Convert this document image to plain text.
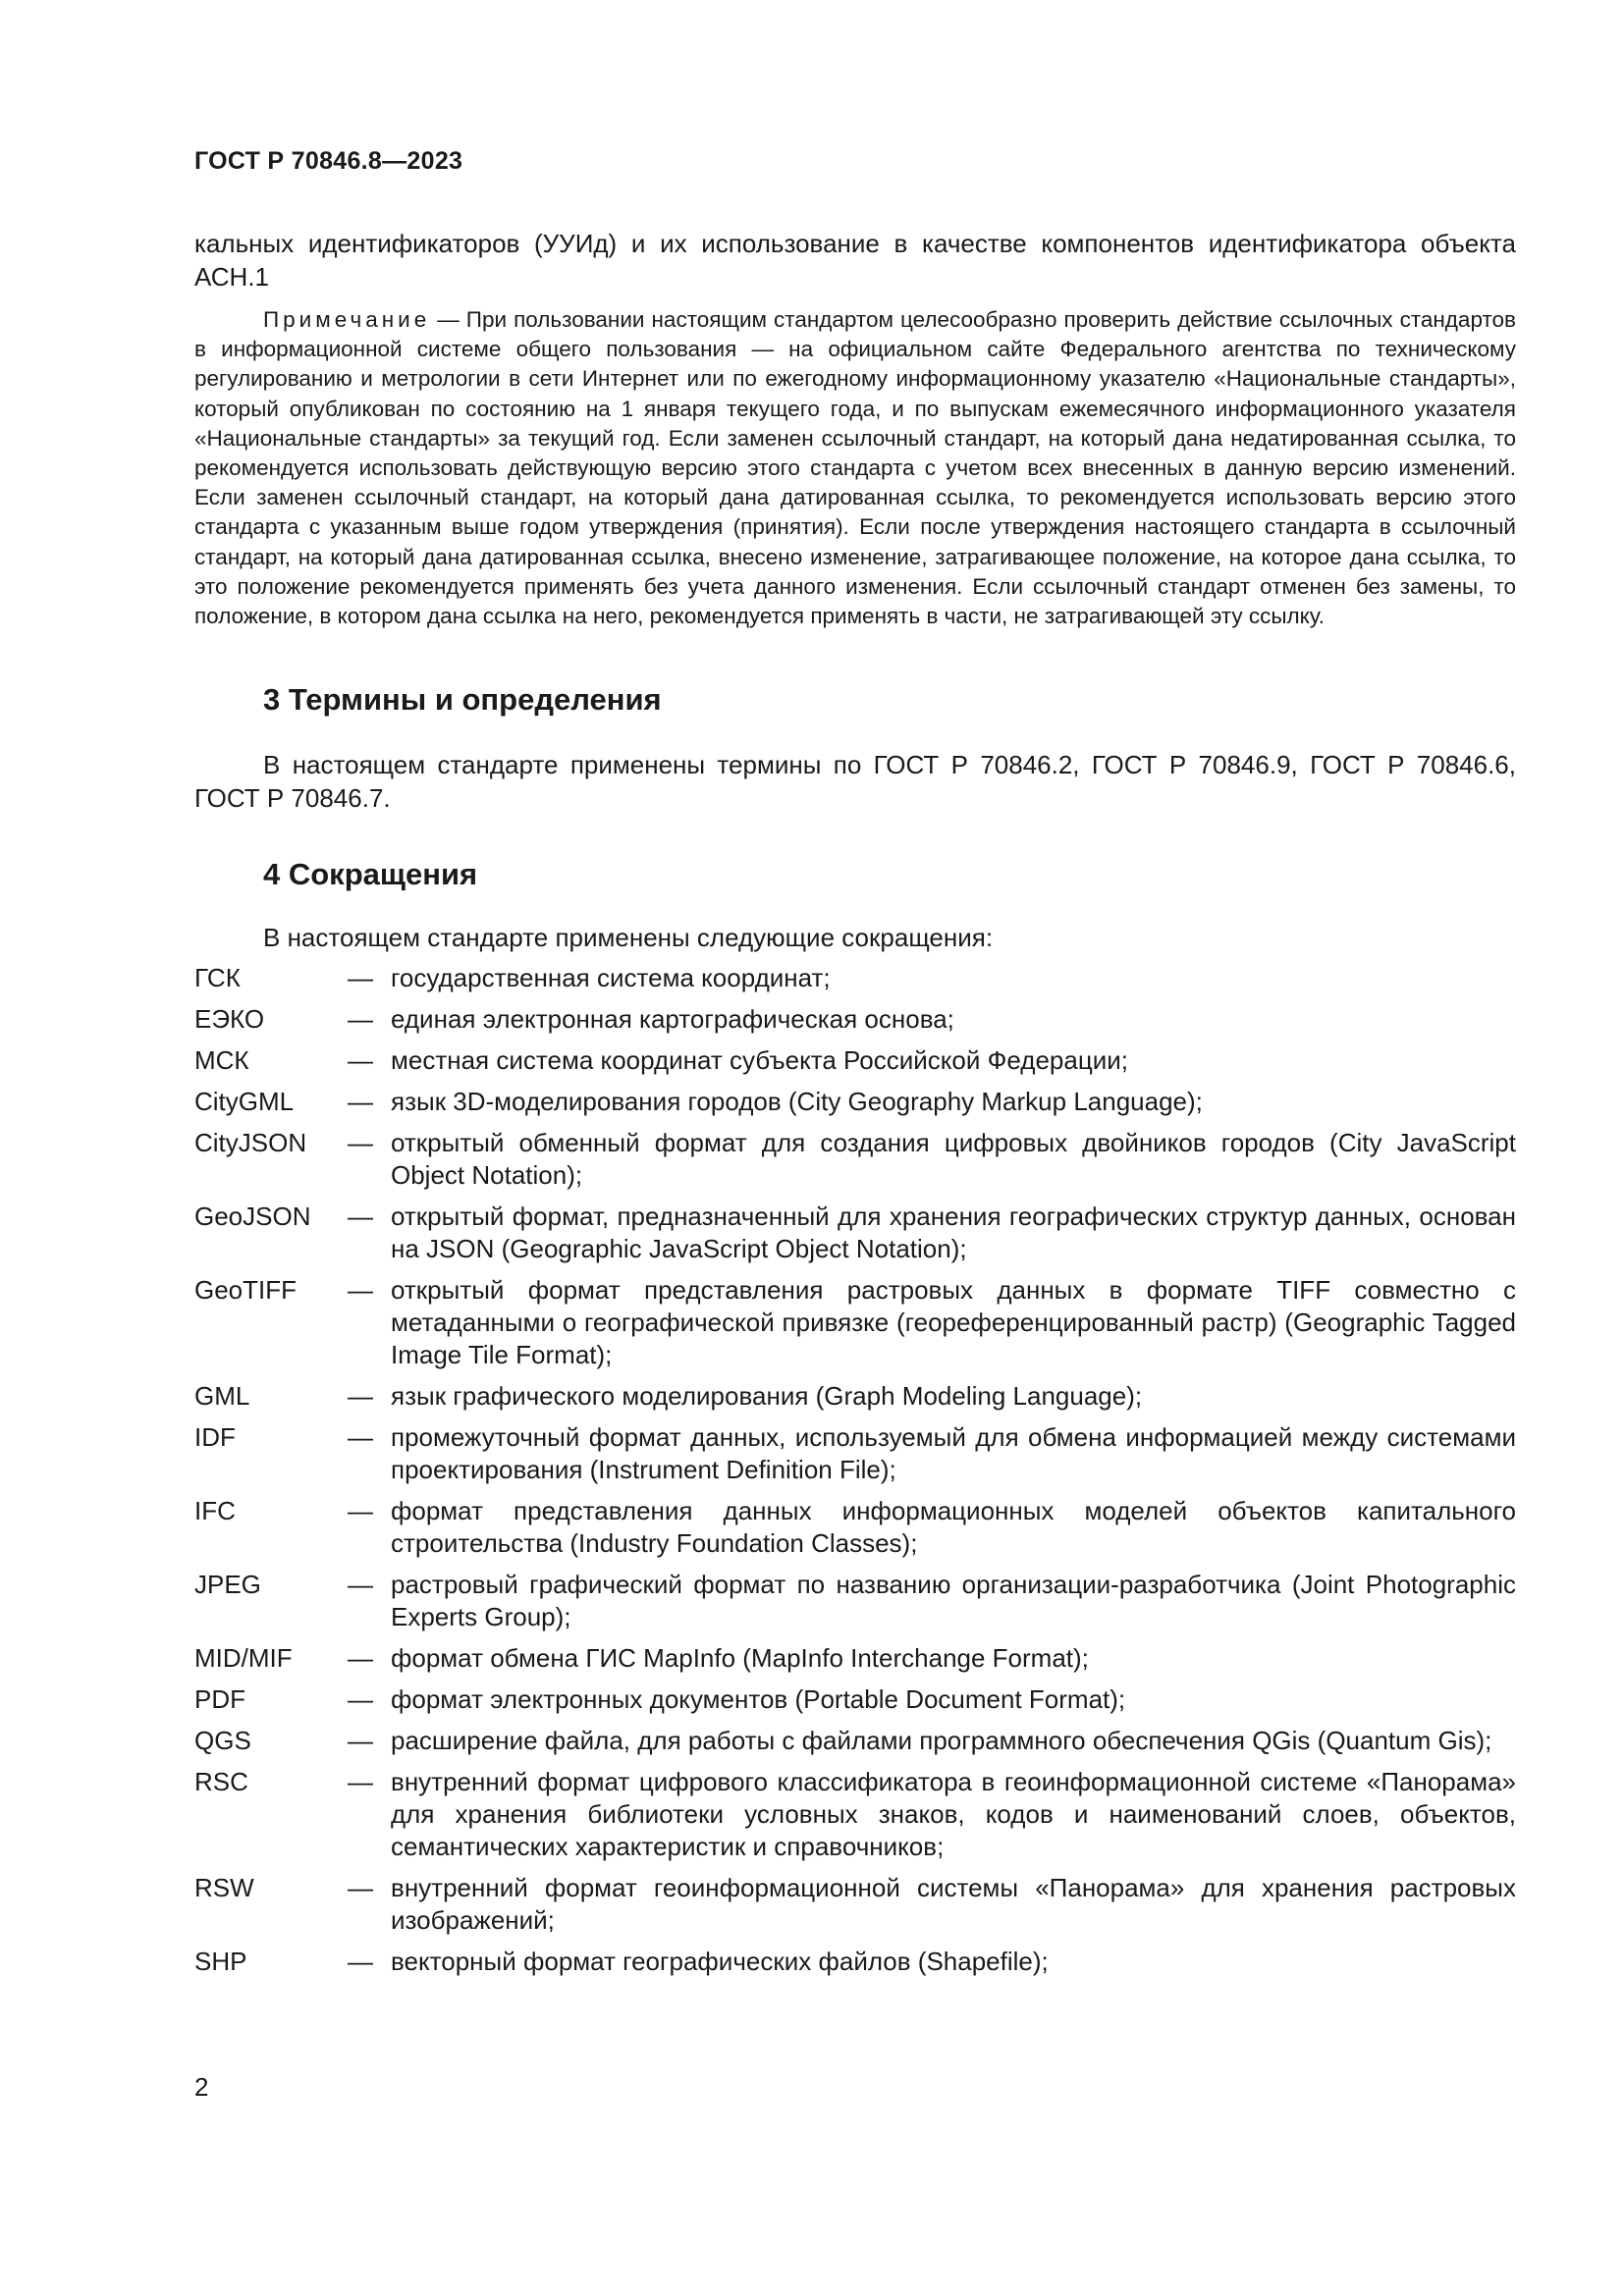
ГОСТ Р 70846.8—2023

кальных идентификаторов (УУИд) и их использование в качестве компонентов идентификатора объекта АСН.1

Примечание — При пользовании настоящим стандартом целесообразно проверить действие ссылочных стандартов в информационной системе общего пользования — на официальном сайте Федерального агентства по техническому регулированию и метрологии в сети Интернет или по ежегодному информационному указателю «Национальные стандарты», который опубликован по состоянию на 1 января текущего года, и по выпускам ежемесячного информационного указателя «Национальные стандарты» за текущий год. Если заменен ссылочный стандарт, на который дана недатированная ссылка, то рекомендуется использовать действующую версию этого стандарта с учетом всех внесенных в данную версию изменений. Если заменен ссылочный стандарт, на который дана датированная ссылка, то рекомендуется использовать версию этого стандарта с указанным выше годом утверждения (принятия). Если после утверждения настоящего стандарта в ссылочный стандарт, на который дана датированная ссылка, внесено изменение, затрагивающее положение, на которое дана ссылка, то это положение рекомендуется применять без учета данного изменения. Если ссылочный стандарт отменен без замены, то положение, в котором дана ссылка на него, рекомендуется применять в части, не затрагивающей эту ссылку.

3 Термины и определения

В настоящем стандарте применены термины по ГОСТ Р 70846.2, ГОСТ Р 70846.9, ГОСТ Р 70846.6, ГОСТ Р 70846.7.

4 Сокращения

В настоящем стандарте применены следующие сокращения:

ГСК	— государственная система координат;
ЕЭКО	— единая электронная картографическая основа;
МСК	— местная система координат субъекта Российской Федерации;
CityGML	— язык 3D-моделирования городов (City Geography Markup Language);
CityJSON	— открытый обменный формат для создания цифровых двойников городов (City JavaScript Object Notation);
GeoJSON	— открытый формат, предназначенный для хранения географических структур данных, основан на JSON (Geographic JavaScript Object Notation);
GeoTIFF	— открытый формат представления растровых данных в формате TIFF совместно с метаданными о географической привязке (геореференцированный растр) (Geographic Tagged Image Tile Format);
GML	— язык графического моделирования (Graph Modeling Language);
IDF	— промежуточный формат данных, используемый для обмена информацией между системами проектирования (Instrument Definition File);
IFC	— формат представления данных информационных моделей объектов капитального строительства (Industry Foundation Classes);
JPEG	— растровый графический формат по названию организации-разработчика (Joint Photographic Experts Group);
MID/MIF	— формат обмена ГИС MapInfo (MapInfo Interchange Format);
PDF	— формат электронных документов (Portable Document Format);
QGS	— расширение файла, для работы с файлами программного обеспечения QGis (Quantum Gis);
RSC	— внутренний формат цифрового классификатора в геоинформационной системе «Панорама» для хранения библиотеки условных знаков, кодов и наименований слоев, объектов, семантических характеристик и справочников;
RSW	— внутренний формат геоинформационной системы «Панорама» для хранения растровых изображений;
SHP	— векторный формат географических файлов (Shapefile);
2
